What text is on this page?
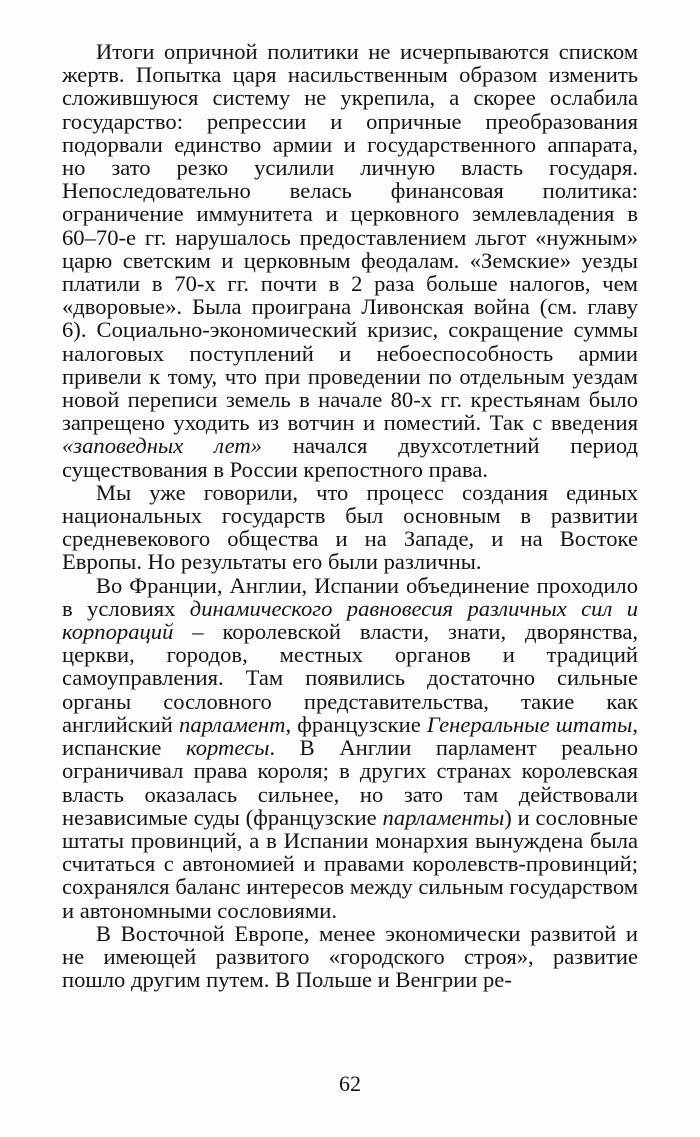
Итоги опричной политики не исчерпываются списком жертв. Попытка царя насильственным образом изменить сложившуюся систему не укрепила, а скорее ослабила государство: репрессии и опричные преобразования подорвали единство армии и государственного аппарата, но зато резко усилили личную власть государя. Непоследовательно велась финансовая политика: ограничение иммунитета и церковного землевладения в 60–70-е гг. нарушалось предоставлением льгот «нужным» царю светским и церковным феодалам. «Земские» уезды платили в 70-х гг. почти в 2 раза больше налогов, чем «дворовые». Была проиграна Ливонская война (см. главу 6). Социально-экономический кризис, сокращение суммы налоговых поступлений и небоеспособность армии привели к тому, что при проведении по отдельным уездам новой переписи земель в начале 80-х гг. крестьянам было запрещено уходить из вотчин и поместий. Так с введения «заповедных лет» начался двухсотлетний период существования в России крепостного права.

Мы уже говорили, что процесс создания единых национальных государств был основным в развитии средневекового общества и на Западе, и на Востоке Европы. Но результаты его были различны.

Во Франции, Англии, Испании объединение проходило в условиях динамического равновесия различных сил и корпораций – королевской власти, знати, дворянства, церкви, городов, местных органов и традиций самоуправления. Там появились достаточно сильные органы сословного представительства, такие как английский парламент, французские Генеральные штаты, испанские кортесы. В Англии парламент реально ограничивал права короля; в других странах королевская власть оказалась сильнее, но зато там действовали независимые суды (французские парламенты) и сословные штаты провинций, а в Испании монархия вынуждена была считаться с автономией и правами королевств-провинций; сохранялся баланс интересов между сильным государством и автономными сословиями.

В Восточной Европе, менее экономически развитой и не имеющей развитого «городского строя», развитие пошло другим путем. В Польше и Венгрии ре-

62
